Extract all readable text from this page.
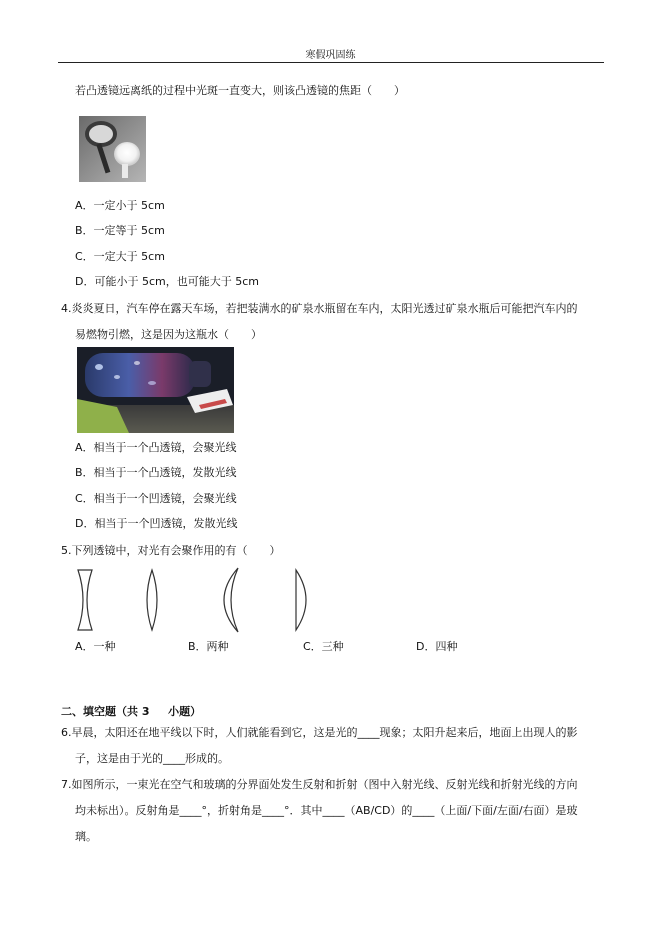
寒假巩固练
若凸透镜远离纸的过程中光斑一直变大，则该凸透镜的焦距（　　）
A．一定小于 5cm
B．一定等于 5cm
C．一定大于 5cm
D．可能小于 5cm，也可能大于 5cm
4.炎炎夏日，汽车停在露天车场，若把装满水的矿泉水瓶留在车内，太阳光透过矿泉水瓶后可能把汽车内的
易燃物引燃，这是因为这瓶水（　　）
A．相当于一个凸透镜，会聚光线
B．相当于一个凸透镜，发散光线
C．相当于一个凹透镜，会聚光线
D．相当于一个凹透镜，发散光线
5.下列透镜中，对光有会聚作用的有（　　）
A．一种	B．两种	C．三种	D．四种
二、填空题（共 3 　 小题）
6.早晨，太阳还在地平线以下时，人们就能看到它，这是光的____现象；太阳升起来后，地面上出现人的影
子，这是由于光的____形成的。
7.如图所示，一束光在空气和玻璃的分界面处发生反射和折射（图中入射光线、反射光线和折射光线的方向
均未标出）。反射角是____°，折射角是____°．其中____（AB/CD）的____（上面/下面/左面/右面）是玻
璃。
